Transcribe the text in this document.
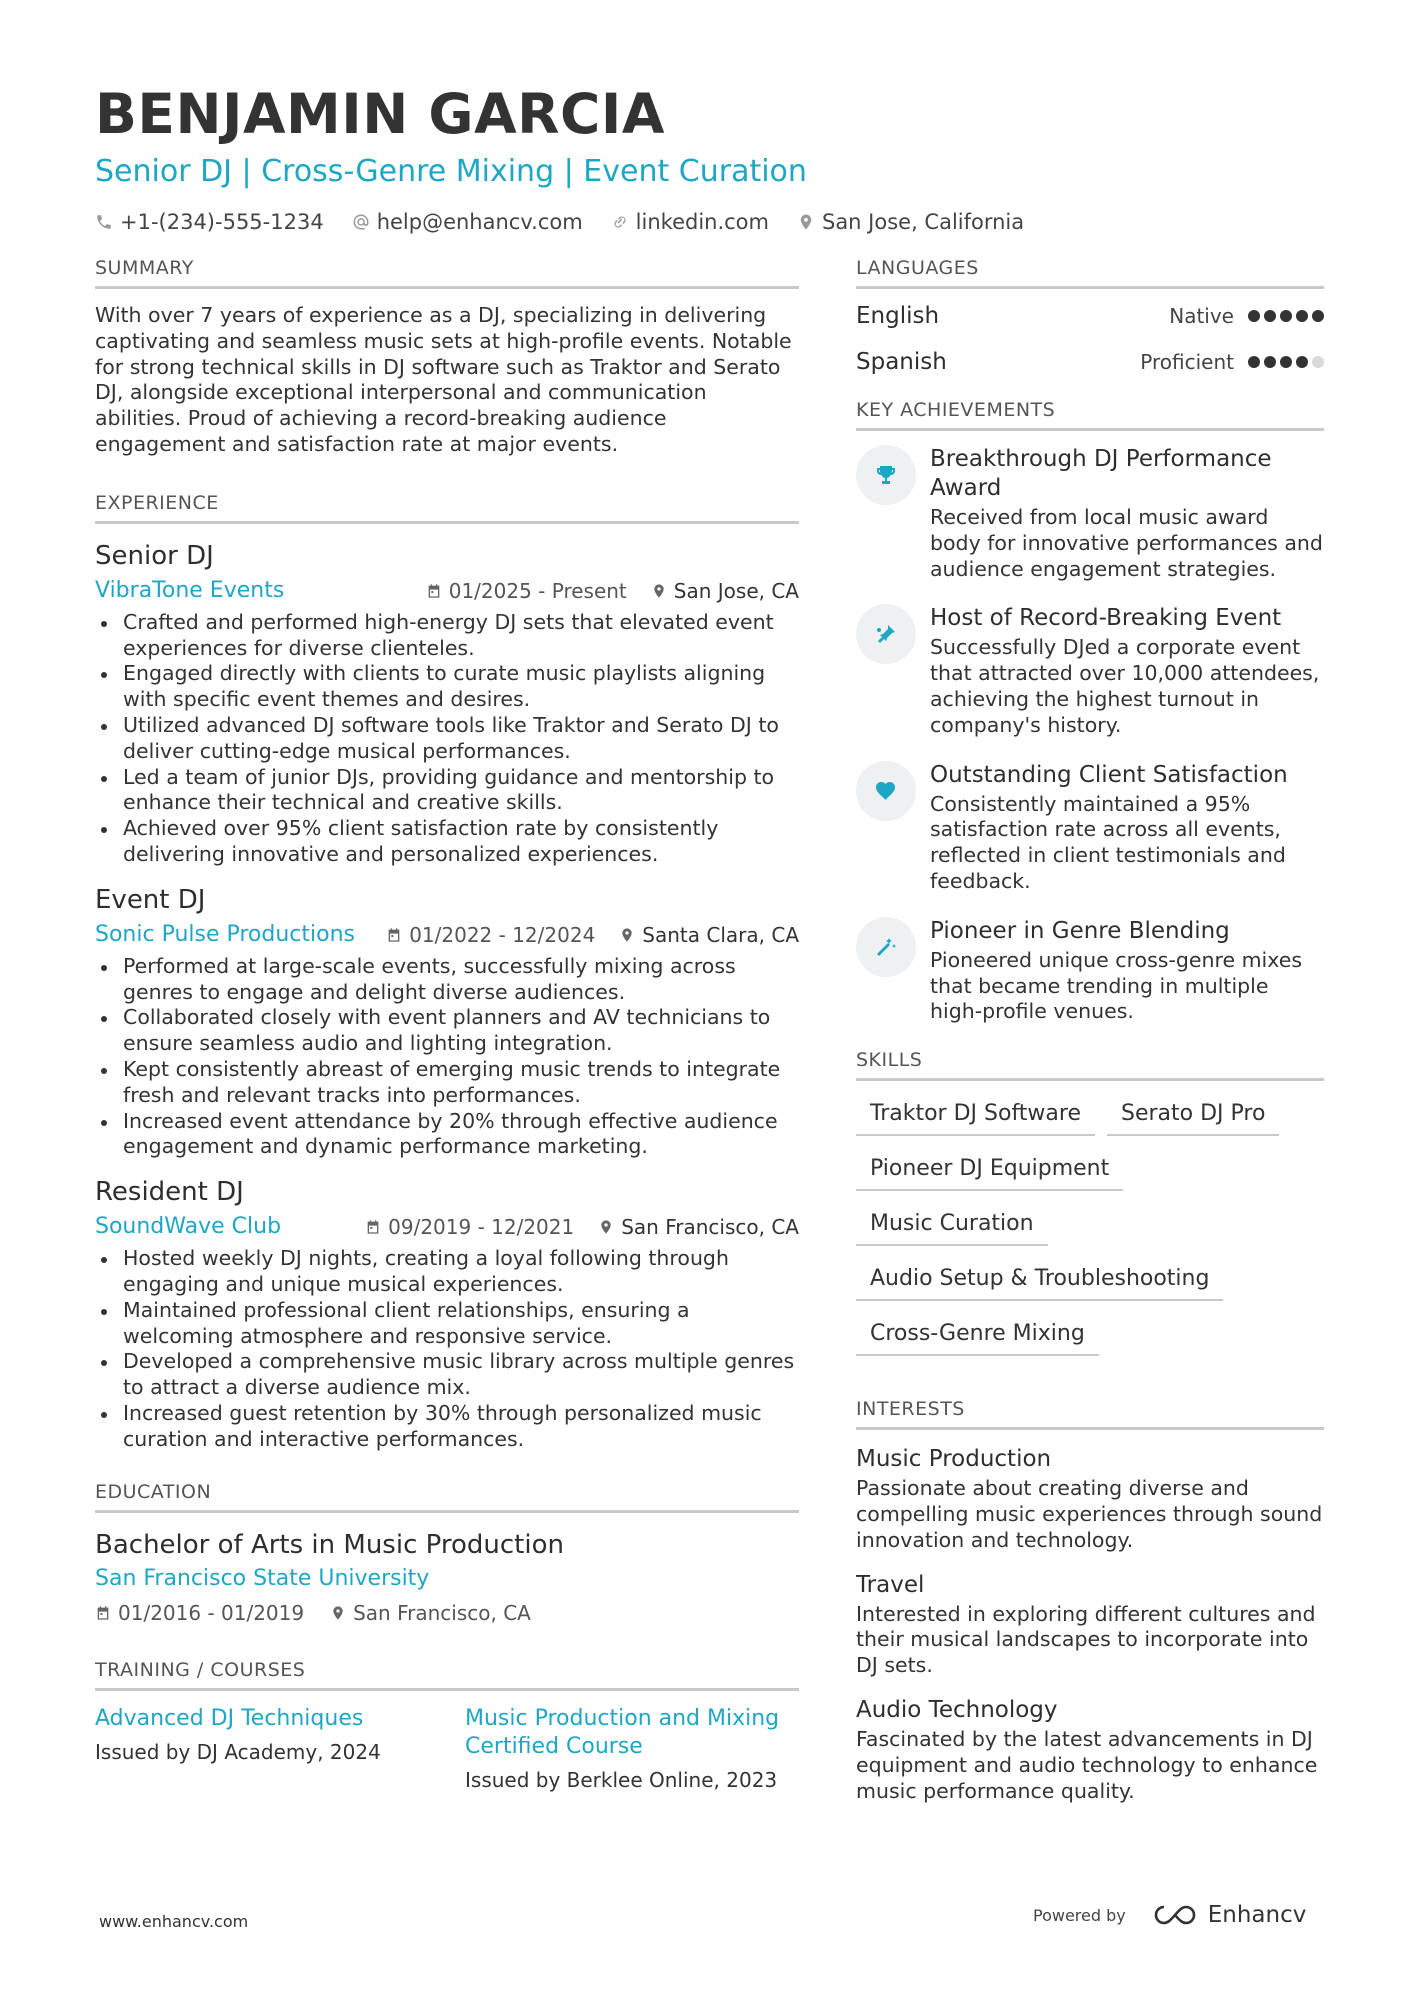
BENJAMIN GARCIA
Senior DJ | Cross-Genre Mixing | Event Curation
+1-(234)-555-1234	help@enhancv.com	linkedin.com	San Jose, California
SUMMARY

With over 7 years of experience as a DJ, specializing in delivering captivating and seamless music sets at high-profile events. Notable for strong technical skills in DJ software such as Traktor and Serato DJ, alongside exceptional interpersonal and communication abilities. Proud of achieving a record-breaking audience engagement and satisfaction rate at major events.

EXPERIENCE
Senior DJ
VibraTone Events	01/2025 - Present San Jose, CA
Crafted and performed high-energy DJ sets that elevated event experiences for diverse clienteles.
Engaged directly with clients to curate music playlists aligning with specific event themes and desires.
Utilized advanced DJ software tools like Traktor and Serato DJ to deliver cutting-edge musical performances.
Led a team of junior DJs, providing guidance and mentorship to enhance their technical and creative skills.
Achieved over 95% client satisfaction rate by consistently delivering innovative and personalized experiences.
Event DJ
Sonic Pulse Productions	01/2022 - 12/2024 Santa Clara, CA
Performed at large-scale events, successfully mixing across genres to engage and delight diverse audiences.
Collaborated closely with event planners and AV technicians to ensure seamless audio and lighting integration.
Kept consistently abreast of emerging music trends to integrate fresh and relevant tracks into performances.
Increased event attendance by 20% through effective audience engagement and dynamic performance marketing.
Resident DJ
SoundWave Club	09/2019 - 12/2021 San Francisco, CA
Hosted weekly DJ nights, creating a loyal following through engaging and unique musical experiences.
Maintained professional client relationships, ensuring a welcoming atmosphere and responsive service.
Developed a comprehensive music library across multiple genres to attract a diverse audience mix.
Increased guest retention by 30% through personalized music curation and interactive performances.
EDUCATION
Bachelor of Arts in Music Production
San Francisco State University
01/2016 - 01/2019 San Francisco, CA
TRAINING / COURSES
Advanced DJ Techniques
Issued by DJ Academy, 2024
Music Production and Mixing Certified Course
Issued by Berklee Online, 2023
LANGUAGES
English	Native
Spanish	Proficient
KEY ACHIEVEMENTS
Breakthrough DJ Performance Award
Received from local music award body for innovative performances and audience engagement strategies.
Host of Record-Breaking Event
Successfully DJed a corporate event that attracted over 10,000 attendees, achieving the highest turnout in company's history.
Outstanding Client Satisfaction
Consistently maintained a 95% satisfaction rate across all events, reflected in client testimonials and feedback.
Pioneer in Genre Blending
Pioneered unique cross-genre mixes that became trending in multiple high-profile venues.
SKILLS
Traktor DJ Software	Serato DJ Pro
Pioneer DJ Equipment
Music Curation
Audio Setup & Troubleshooting
Cross-Genre Mixing
INTERESTS
Music Production
Passionate about creating diverse and compelling music experiences through sound innovation and technology.
Travel
Interested in exploring different cultures and their musical landscapes to incorporate into DJ sets.
Audio Technology
Fascinated by the latest advancements in DJ equipment and audio technology to enhance music performance quality.
www.enhancv.com	Powered by	Enhancv
